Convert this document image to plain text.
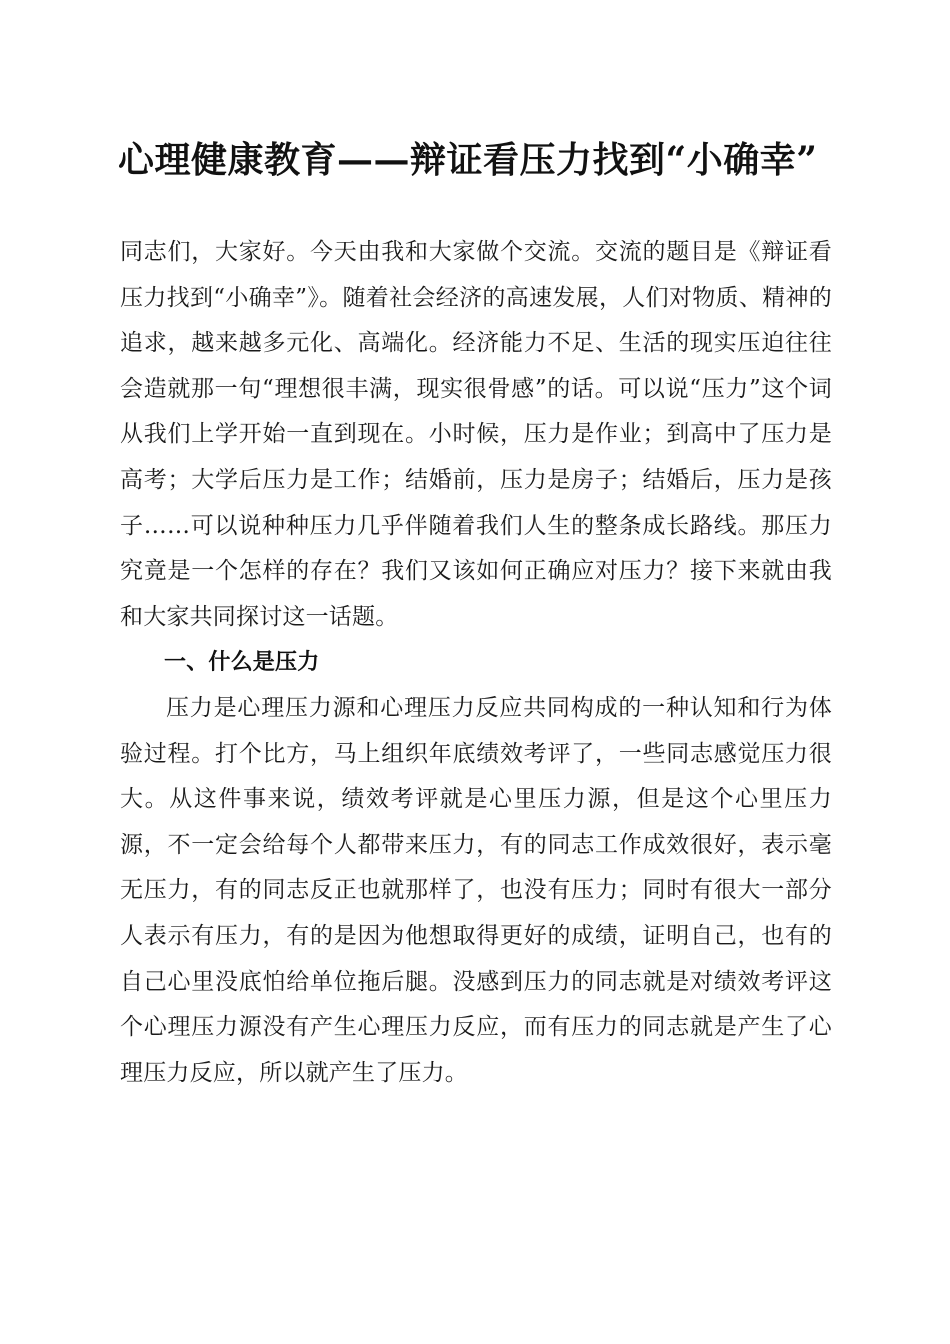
心理健康教育——辩证看压力找到“小确幸”

同志们，大家好。今天由我和大家做个交流。交流的题目是《辩证看压力找到“小确幸”》。随着社会经济的高速发展，人们对物质、精神的追求，越来越多元化、高端化。经济能力不足、生活的现实压迫往往会造就那一句“理想很丰满，现实很骨感”的话。可以说“压力”这个词从我们上学开始一直到现在。小时候，压力是作业；到高中了压力是高考；大学后压力是工作；结婚前，压力是房子；结婚后，压力是孩子……可以说种种压力几乎伴随着我们人生的整条成长路线。那压力究竟是一个怎样的存在？我们又该如何正确应对压力？接下来就由我和大家共同探讨这一话题。

一、什么是压力

压力是心理压力源和心理压力反应共同构成的一种认知和行为体验过程。打个比方，马上组织年底绩效考评了，一些同志感觉压力很大。从这件事来说，绩效考评就是心里压力源，但是这个心里压力源，不一定会给每个人都带来压力，有的同志工作成效很好，表示毫无压力，有的同志反正也就那样了，也没有压力；同时有很大一部分人表示有压力，有的是因为他想取得更好的成绩，证明自己，也有的自己心里没底怕给单位拖后腿。没感到压力的同志就是对绩效考评这个心理压力源没有产生心理压力反应，而有压力的同志就是产生了心理压力反应，所以就产生了压力。
